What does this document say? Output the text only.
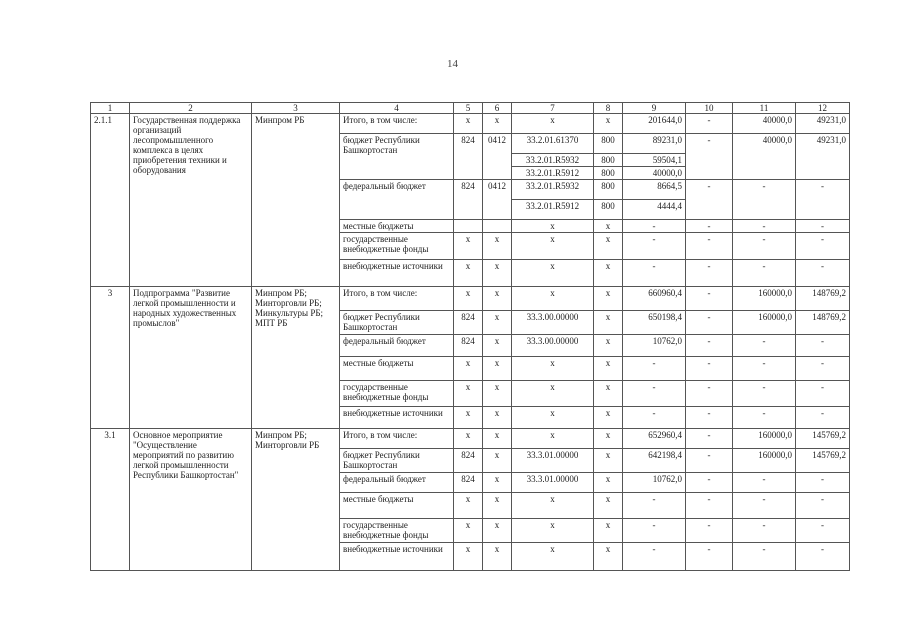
14
1	2	3	4	5	6	7	8	9	10	11	12
2.1.1	Государственная поддержка организаций лесопромышленного комплекса в целях приобретения техники и оборудования	Минпром РБ	Итого, в том числе:	х	х	х	х	201644,0	-	40000,0	49231,0
			бюджет Республики Башкортостан	824	0412	33.2.01.61370	800	89231,0	-	40000,0	49231,0
						33.2.01.R5932	800	59504,1			
						33.2.01.R5912	800	40000,0			
			федеральный бюджет	824	0412	33.2.01.R5932	800	8664,5	-	-	-
						33.2.01.R5912	800	4444,4			
			местные бюджеты			х	х	-	-	-	-
			государственные внебюджетные фонды	х	х	х	х	-	-	-	-
			внебюджетные источники	х	х	х	х	-	-	-	-
3	Подпрограмма "Развитие легкой промышленности и народных художественных промыслов"	Минпром РБ; Минторговли РБ; Минкультуры РБ; МПТ РБ	Итого, в том числе:	х	х	х	х	660960,4	-	160000,0	148769,2
			бюджет Республики Башкортостан	824	х	33.3.00.00000	х	650198,4	-	160000,0	148769,2
			федеральный бюджет	824	х	33.3.00.00000	х	10762,0	-	-	-
			местные бюджеты	х	х	х	х	-	-	-	-
			государственные внебюджетные фонды	х	х	х	х	-	-	-	-
			внебюджетные источники	х	х	х	х	-	-	-	-
3.1	Основное мероприятие "Осуществление мероприятий по развитию легкой промышленности Республики Башкортостан"	Минпром РБ; Минторговли РБ	Итого, в том числе:	х	х	х	х	652960,4	-	160000,0	145769,2
			бюджет Республики Башкортостан	824	х	33.3.01.00000	х	642198,4	-	160000,0	145769,2
			федеральный бюджет	824	х	33.3.01.00000	х	10762,0	-	-	-
			местные бюджеты	х	х	х	х	-	-	-	-
			государственные внебюджетные фонды	х	х	х	х	-	-	-	-
			внебюджетные источники	х	х	х	х	-	-	-	-
